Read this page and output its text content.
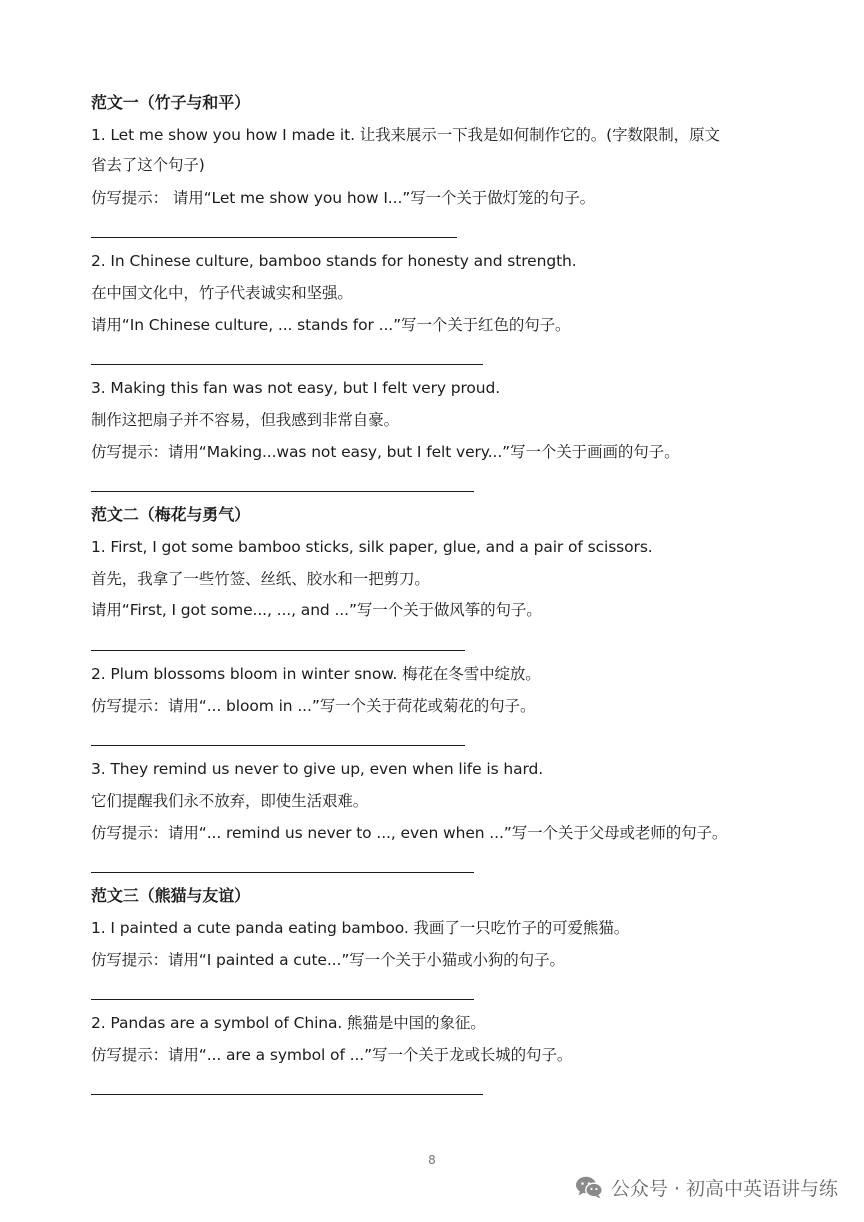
范文一（竹子与和平）

1. Let me show you how I made it. 让我来展示一下我是如何制作它的。(字数限制，原文

省去了这个句子)

仿写提示： 请用“Let me show you how I...”写一个关于做灯笼的句子。

2. In Chinese culture, bamboo stands for honesty and strength.

在中国文化中，竹子代表诚实和坚强。

请用“In Chinese culture, ... stands for ...”写一个关于红色的句子。

3. Making this fan was not easy, but I felt very proud.

制作这把扇子并不容易，但我感到非常自豪。

仿写提示：请用“Making...was not easy, but I felt very...”写一个关于画画的句子。

范文二（梅花与勇气）

1. First, I got some bamboo sticks, silk paper, glue, and a pair of scissors.

首先，我拿了一些竹签、丝纸、胶水和一把剪刀。

请用“First, I got some..., ..., and ...”写一个关于做风筝的句子。

2. Plum blossoms bloom in winter snow. 梅花在冬雪中绽放。

仿写提示：请用“... bloom in ...”写一个关于荷花或菊花的句子。

3. They remind us never to give up, even when life is hard.

它们提醒我们永不放弃，即使生活艰难。

仿写提示：请用“... remind us never to ..., even when ...”写一个关于父母或老师的句子。

范文三（熊猫与友谊）

1. I painted a cute panda eating bamboo. 我画了一只吃竹子的可爱熊猫。

仿写提示：请用“I painted a cute...”写一个关于小猫或小狗的句子。

2. Pandas are a symbol of China. 熊猫是中国的象征。

仿写提示：请用“... are a symbol of ...”写一个关于龙或长城的句子。

8

公众号 · 初高中英语讲与练
